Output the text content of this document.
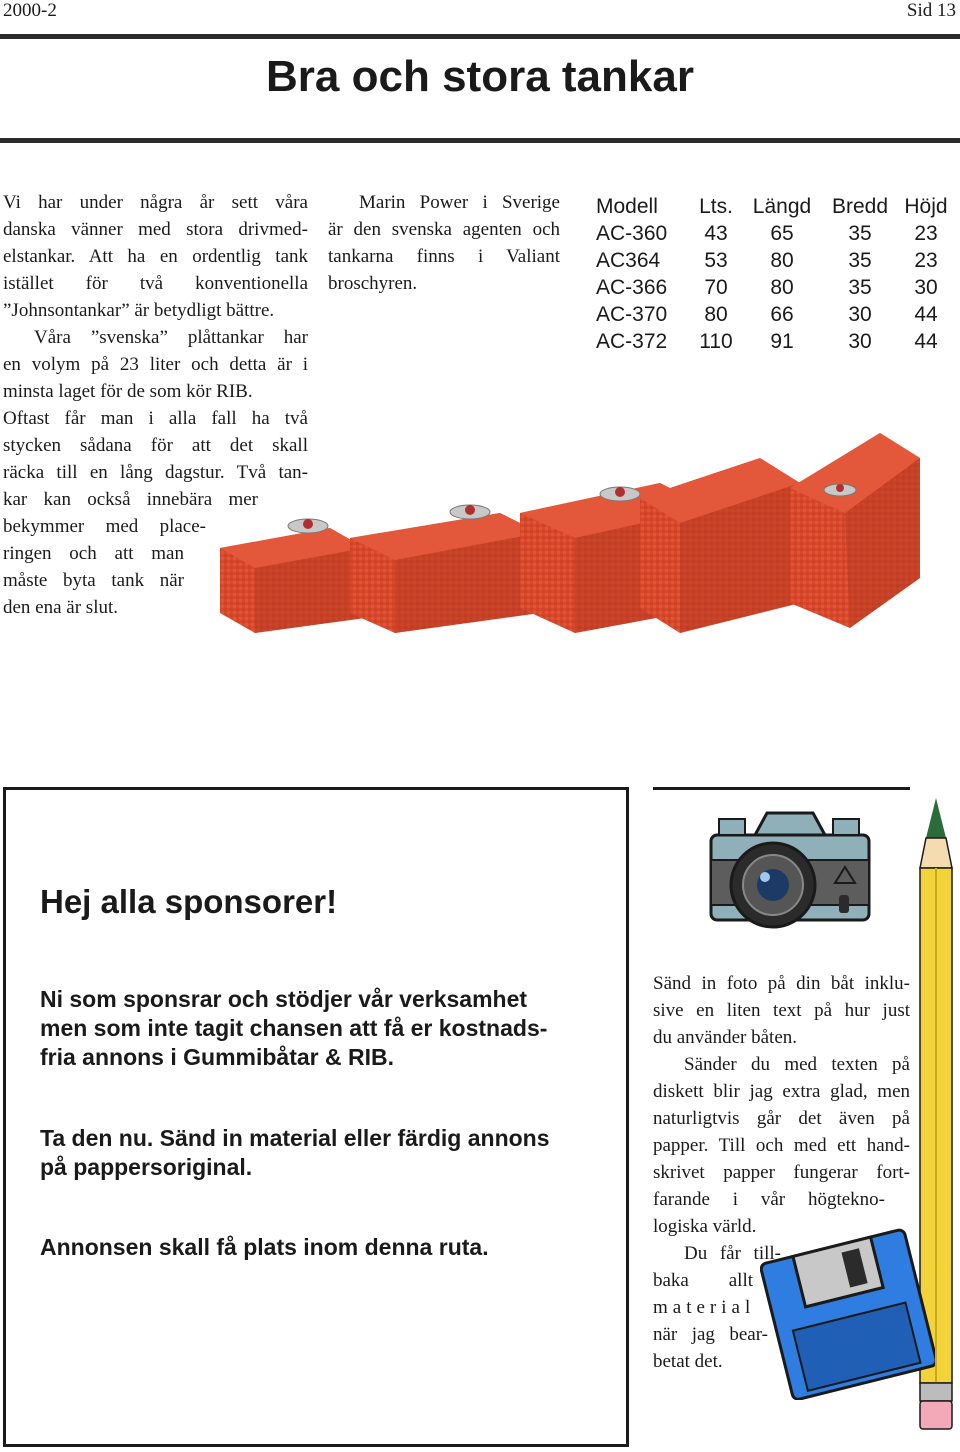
2000-2	Sid 13
Bra och stora tankar

Vi har under några år sett våra

danska vänner med stora drivmed-

elstankar. Att ha en ordentlig tank

istället för två konventionella

”Johnsontankar” är betydligt bättre.

Våra ”svenska” plåttankar har

en volym på 23 liter och detta är i

minsta laget för de som kör RIB.

Oftast får man i alla fall ha två

stycken sådana för att det skall

räcka till en lång dagstur. Två tan-

kar kan också innebära mer

bekymmer med place-

ringen och att man

måste byta tank när

den ena är slut.

Marin Power i Sverige

är den svenska agenten och

tankarna finns i Valiant

broschyren.

Modell	Lts.	Längd	Bredd	Höjd
AC-360	43	65	35	23
AC364	53	80	35	23
AC-366	70	80	35	30
AC-370	80	66	30	44
AC-372	110	91	30	44
Hej alla sponsorer!

Ni som sponsrar och stödjer vår verksamhet

men som inte tagit chansen att få er kostnads-

fria annons i Gummibåtar & RIB.

Ta den nu. Sänd in material eller färdig annons

på pappersoriginal.

Annonsen skall få plats inom denna ruta.

Sänd in foto på din båt inklu-

sive en liten text på hur just

du använder båten.

Sänder du med texten på

diskett blir jag extra glad, men

naturligtvis går det även på

papper. Till och med ett hand-

skrivet papper fungerar fort-

farande i vår högtekno-

logiska värld.

Du får till-

baka allt

material

när jag bear-

betat det.
